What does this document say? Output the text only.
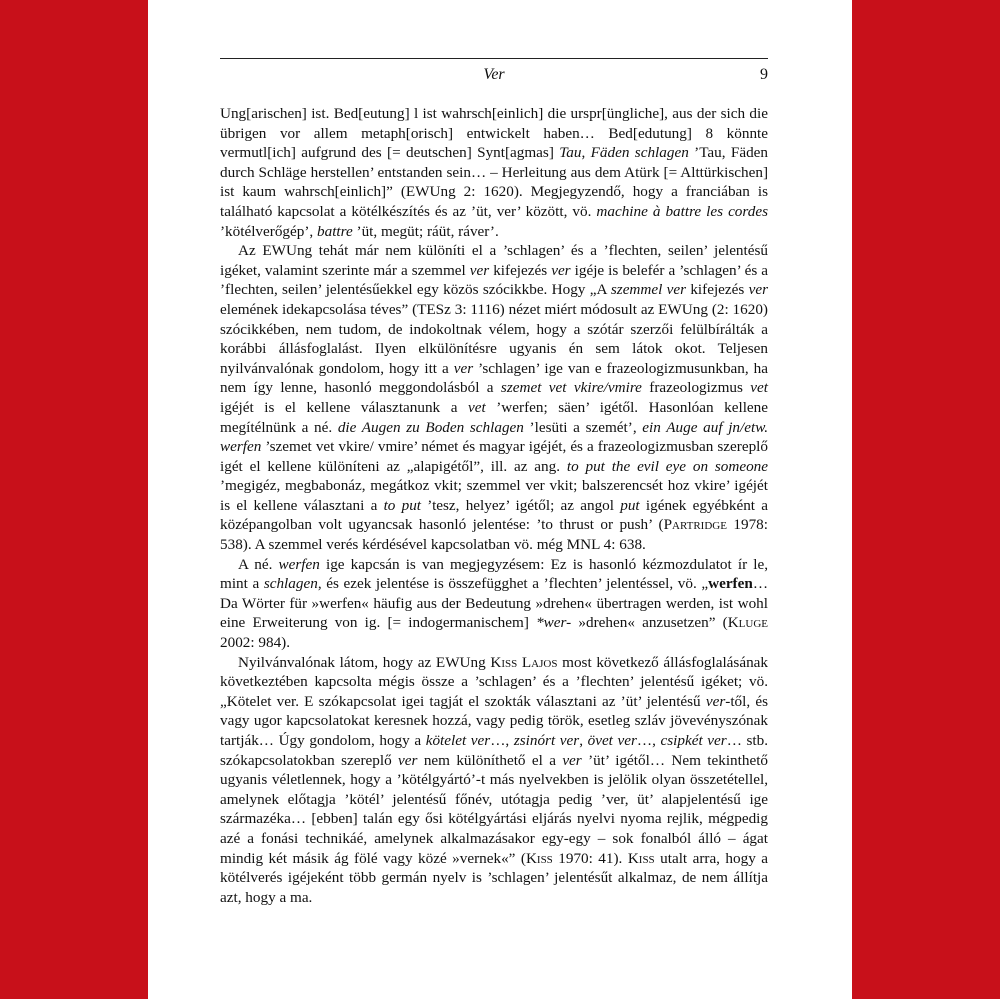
Ver	9

Ung[arischen] ist. Bed[eutung] l ist wahrsch[einlich] die urspr[üngliche], aus der sich die übrigen vor allem metaph[orisch] entwickelt haben… Bed[edutung] 8 könnte vermutl[ich] aufgrund des [= deutschen] Synt[agmas] Tau, Fäden schlagen ’Tau, Fäden durch Schläge herstellen’ entstanden sein… – Herleitung aus dem Atürk [= Alttürkischen] ist kaum wahrsch[einlich]” (EWUng 2: 1620). Megjegyzendő, hogy a franciában is található kapcsolat a kötélkészítés és az ’üt, ver’ között, vö. machine à battre les cordes ’kötélverőgép’, battre ’üt, megüt; ráüt, ráver’.

Az EWUng tehát már nem különíti el a ’schlagen’ és a ’flechten, seilen’ jelentésű igéket, valamint szerinte már a szemmel ver kifejezés ver igéje is belefér a ’schlagen’ és a ’flechten, seilen’ jelentésűekkel egy közös szócikkbe. Hogy „A szemmel ver kifejezés ver elemének idekapcsolása téves” (TESz 3: 1116) nézet miért módosult az EWUng (2: 1620) szócikkében, nem tudom, de indokoltnak vélem, hogy a szótár szerzői felülbírálták a korábbi állásfoglalást. Ilyen elkülönítésre ugyanis én sem látok okot. Teljesen nyilvánvalónak gondolom, hogy itt a ver ’schlagen’ ige van e frazeologizmusunkban, ha nem így lenne, hasonló meggondolásból a szemet vet vkire/vmire frazeologizmus vet igéjét is el kellene választanunk a vet ’werfen; säen’ igétől. Hasonlóan kellene megítélnünk a né. die Augen zu Boden schlagen ’lesüti a szemét’, ein Auge auf jn/etw. werfen ’szemet vet vkire/ vmire’ német és magyar igéjét, és a frazeologizmusban szereplő igét el kellene különíteni az „alapigétől”, ill. az ang. to put the evil eye on someone ’megigéz, megbabonáz, megátkoz vkit; szemmel ver vkit; balszerencsét hoz vkire’ igéjét is el kellene választani a to put ’tesz, helyez’ igétől; az angol put igének egyébként a középangolban volt ugyancsak hasonló jelentése: ’to thrust or push’ (Partridge 1978: 538). A szemmel verés kérdésével kapcsolatban vö. még MNL 4: 638.

A né. werfen ige kapcsán is van megjegyzésem: Ez is hasonló kézmozdulatot ír le, mint a schlagen, és ezek jelentése is összefügghet a ’flechten’ jelentéssel, vö. „werfen… Da Wörter für »werfen« häufig aus der Bedeutung »drehen« übertragen werden, ist wohl eine Erweiterung von ig. [= indogermanischem] *wer- »drehen« anzusetzen” (Kluge 2002: 984).

Nyilvánvalónak látom, hogy az EWUng Kiss Lajos most következő állásfoglalásának következtében kapcsolta mégis össze a ’schlagen’ és a ’flechten’ jelentésű igéket; vö. „Kötelet ver. E szókapcsolat igei tagját el szokták választani az ’üt’ jelentésű ver-től, és vagy ugor kapcsolatokat keresnek hozzá, vagy pedig török, esetleg szláv jövevényszónak tartják… Úgy gondolom, hogy a kötelet ver…, zsinórt ver, övet ver…, csipkét ver… stb. szókapcsolatokban szereplő ver nem különíthető el a ver ’üt’ igétől… Nem tekinthető ugyanis véletlennek, hogy a ’kötélgyártó’-t más nyelvekben is jelölik olyan összetétellel, amelynek előtagja ’kötél’ jelentésű főnév, utótagja pedig ’ver, üt’ alapjelentésű ige származéka… [ebben] talán egy ősi kötélgyártási eljárás nyelvi nyoma rejlik, mégpedig azé a fonási technikáé, amelynek alkalmazásakor egy-egy – sok fonalból álló – ágat mindig két másik ág fölé vagy közé »vernek«” (Kiss 1970: 41). Kiss utalt arra, hogy a kötélverés igéjeként több germán nyelv is ’schlagen’ jelentésűt alkalmaz, de nem állítja azt, hogy a ma.
